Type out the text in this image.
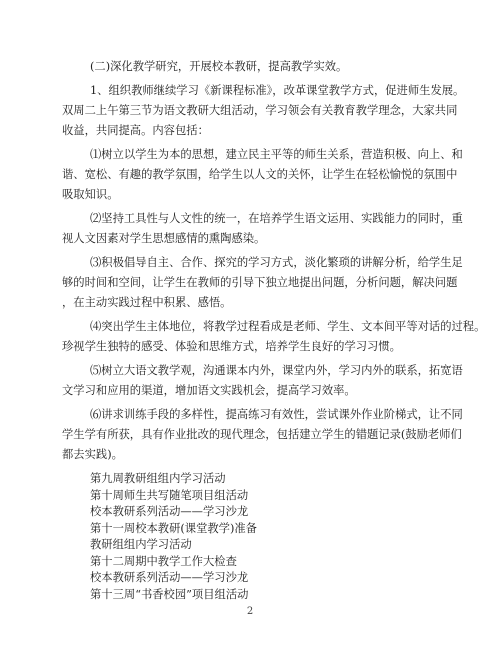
(二)深化教学研究，开展校本教研，提高教学实效。
1、组织教师继续学习《新课程标准》，改革课堂教学方式，促进师生发展。
双周二上午第三节为语文教研大组活动，学习领会有关教育教学理念，大家共同
收益，共同提高。内容包括：
⑴树立以学生为本的思想，建立民主平等的师生关系，营造积极、向上、和
谐、宽松、有趣的教学氛围，给学生以人文的关怀，让学生在轻松愉悦的氛围中
吸取知识。
⑵坚持工具性与人文性的统一，在培养学生语文运用、实践能力的同时，重
视人文因素对学生思想感情的熏陶感染。
⑶积极倡导自主、合作、探究的学习方式，淡化繁琐的讲解分析，给学生足
够的时间和空间，让学生在教师的引导下独立地提出问题，分析问题，解决问题
，在主动实践过程中积累、感悟。
⑷突出学生主体地位，将教学过程看成是老师、学生、文本间平等对话的过程。
珍视学生独特的感受、体验和思维方式，培养学生良好的学习习惯。
⑸树立大语文教学观，沟通课本内外，课堂内外，学习内外的联系，拓宽语
文学习和应用的渠道，增加语文实践机会，提高学习效率。
⑹讲求训练手段的多样性，提高练习有效性，尝试课外作业阶梯式，让不同
学生学有所获，具有作业批改的现代理念，包括建立学生的错题记录(鼓励老师们
都去实践)。
第九周教研组组内学习活动
第十周师生共写随笔项目组活动
校本教研系列活动——学习沙龙
第十一周校本教研(课堂教学)准备
教研组组内学习活动
第十二周期中教学工作大检查
校本教研系列活动——学习沙龙
第十三周“书香校园”项目组活动
2
